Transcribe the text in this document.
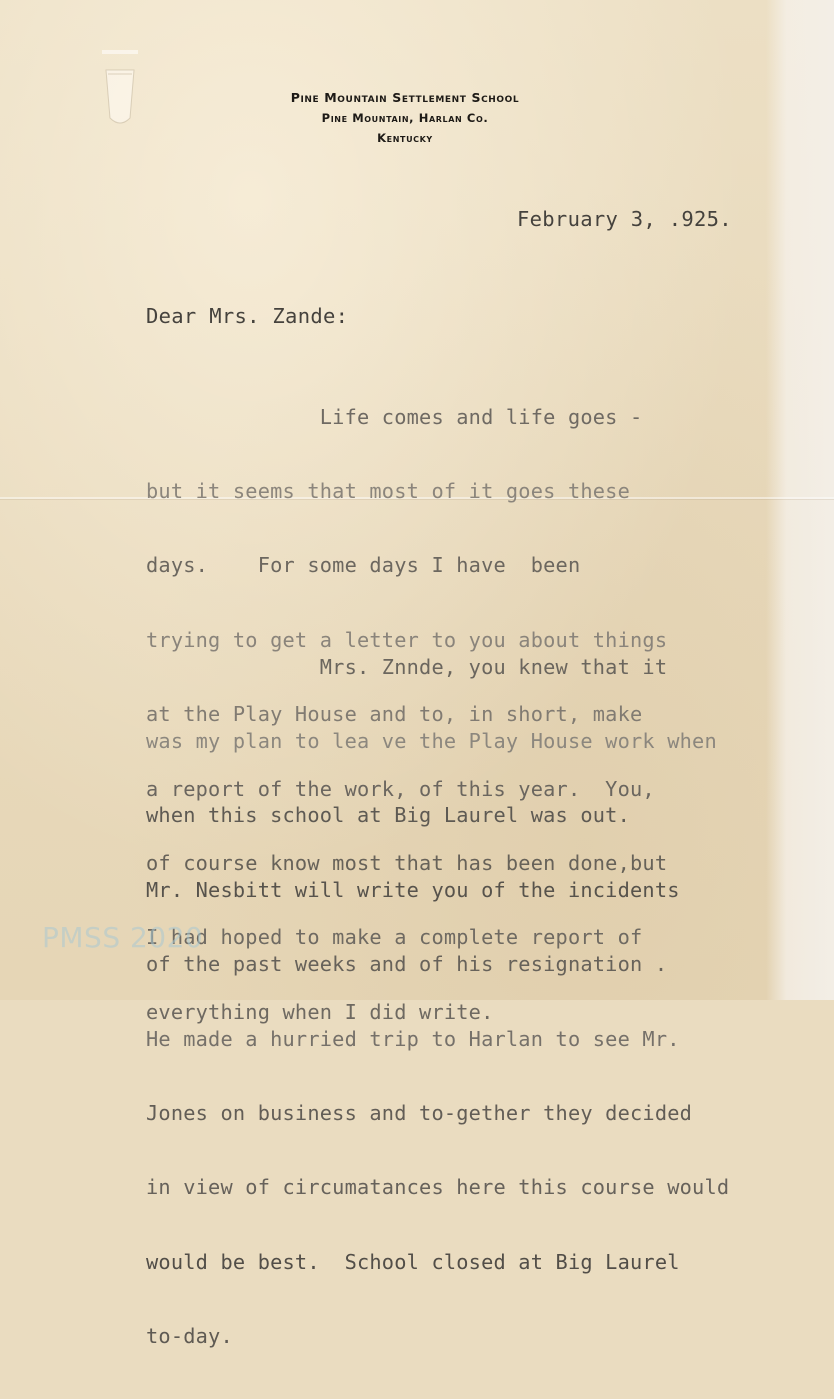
Pine Mountain Settlement School
Pine Mountain, Harlan Co.
Kentucky
February 3, .925.
Dear Mrs. Zande:

Life comes and life goes -

but it seems that most of it goes these

days.    For some days I have  been

trying to get a letter to you about things

at the Play House and to, in short, make

a report of the work, of this year.  You,

of course know most that has been done,but

I had hoped to make a complete report of

everything when I did write.

Mrs. Znnde, you knew that it

was my plan to lea ve the Play House work when

when this school at Big Laurel was out.

Mr. Nesbitt will write you of the incidents

of the past weeks and of his resignation .

He made a hurried trip to Harlan to see Mr.

Jones on business and to-gether they decided

in view of circumatances here this course would

would be best.  School closed at Big Laurel

to-day.

PMSS 2020
